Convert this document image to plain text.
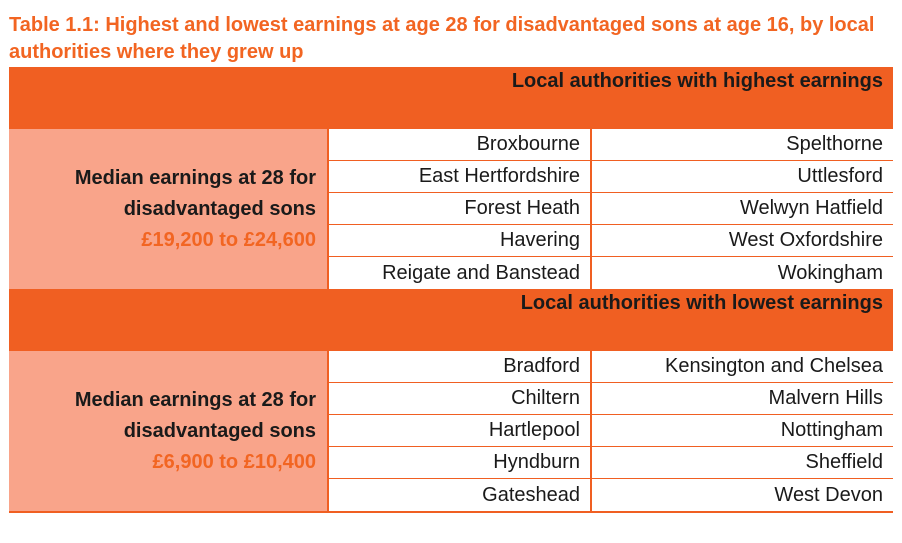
Table 1.1: Highest and lowest earnings at age 28 for disadvantaged sons at age 16, by local authorities where they grew up
Local authorities with highest earnings
Median earnings at 28 for
disadvantaged sons
£19,200 to £24,600
Broxbourne	Spelthorne
East Hertfordshire	Uttlesford
Forest Heath	Welwyn Hatfield
Havering	West Oxfordshire
Reigate and Banstead	Wokingham
Local authorities with lowest earnings
Median earnings at 28 for
disadvantaged sons
£6,900 to £10,400
Bradford	Kensington and Chelsea
Chiltern	Malvern Hills
Hartlepool	Nottingham
Hyndburn	Sheffield
Gateshead	West Devon
